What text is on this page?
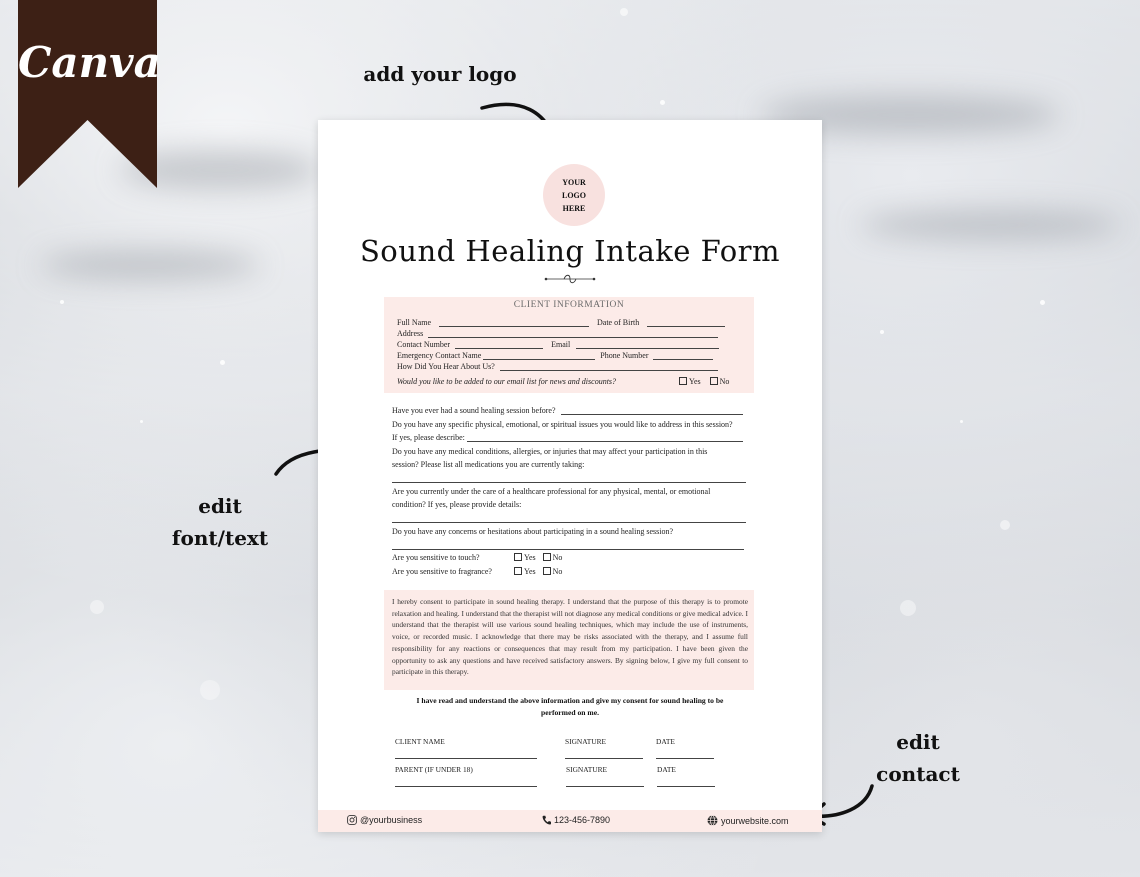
Canva	add your logo
edit
font/text
edit
contact
YOUR
LOGO
HERE
Sound Healing Intake Form
CLIENT INFORMATION
Full Name	Date of Birth
Address
Contact Number	Email
Emergency Contact Name	Phone Number
How Did You Hear About Us?
Would you like to be added to our email list for news and discounts?	Yes No
Have you ever had a sound healing session before?
Do you have any specific physical, emotional, or spiritual issues you would like to address in this session?
If yes, please describe:
Do you have any medical conditions, allergies, or injuries that may affect your participation in this
session? Please list all medications you are currently taking:
Are you currently under the care of a healthcare professional for any physical, mental, or emotional
condition? If yes, please provide details:
Do you have any concerns or hesitations about participating in a sound healing session?
Are you sensitive to touch?	Yes No
Are you sensitive to fragrance?	Yes No
I hereby consent to participate in sound healing therapy. I understand that the purpose of this therapy is to promote relaxation and healing. I understand that the therapist will not diagnose any medical conditions or give medical advice. I understand that the therapist will use various sound healing techniques, which may include the use of instruments, voice, or recorded music. I acknowledge that there may be risks associated with the therapy, and I assume full responsibility for any reactions or consequences that may result from my participation. I have been given the opportunity to ask any questions and have received satisfactory answers. By signing below, I give my full consent to participate in this therapy.
I have read and understand the above information and give my consent for sound healing to be
performed on me.
CLIENT NAME	SIGNATURE	DATE
PARENT (IF UNDER 18)	SIGNATURE	DATE
@yourbusiness	123-456-7890	yourwebsite.com
